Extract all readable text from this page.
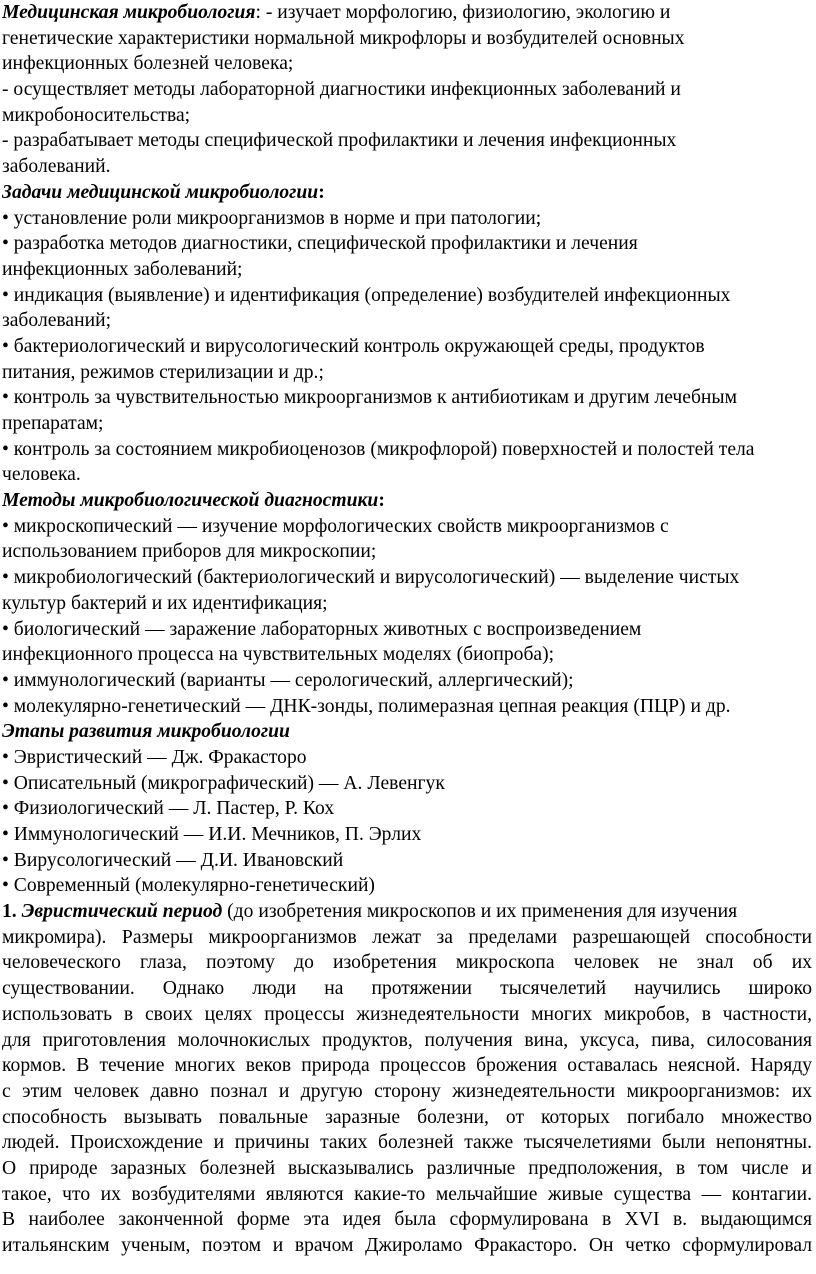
Медицинская микробиология: - изучает морфологию, физиологию, экологию и
генетические характеристики нормальной микрофлоры и возбудителей основных
инфекционных болезней человека;
- осуществляет методы лабораторной диагностики инфекционных заболеваний и
микробоносительства;
- разрабатывает методы специфической профилактики и лечения инфекционных
заболеваний.
Задачи медицинской микробиологии:
• установление роли микроорганизмов в норме и при патологии;
• разработка методов диагностики, специфической профилактики и лечения
инфекционных заболеваний;
• индикация (выявление) и идентификация (определение) возбудителей инфекционных
заболеваний;
• бактериологический и вирусологический контроль окружающей среды, продуктов
питания, режимов стерилизации и др.;
• контроль за чувствительностью микроорганизмов к антибиотикам и другим лечебным
препаратам;
• контроль за состоянием микробиоценозов (микрофлорой) поверхностей и полостей тела
человека.
Методы микробиологической диагностики:
• микроскопический — изучение морфологических свойств микроорганизмов с
использованием приборов для микроскопии;
• микробиологический (бактериологический и вирусологический) — выделение чистых
культур бактерий и их идентификация;
• биологический — заражение лабораторных животных с воспроизведением
инфекционного процесса на чувствительных моделях (биопроба);
• иммунологический (варианты — серологический, аллергический);
• молекулярно-генетический — ДНК-зонды, полимеразная цепная реакция (ПЦР) и др.
Этапы развития микробиологии
• Эвристический — Дж. Фракасторо
• Описательный (микрографический) — А. Левенгук
• Физиологический — Л. Пастер, Р. Кох
• Иммунологический — И.И. Мечников, П. Эрлих
• Вирусологический — Д.И. Ивановский
• Современный (молекулярно-генетический)
1. Эвристический период (до изобретения микроскопов и их применения для изучения
микромира). Размеры микроорганизмов лежат за пределами разрешающей способности
человеческого глаза, поэтому до изобретения микроскопа человек не знал об их
существовании. Однако люди на протяжении тысячелетий научились широко
использовать в своих целях процессы жизнедеятельности многих микробов, в частности,
для приготовления молочнокислых продуктов, получения вина, уксуса, пива, силосования
кормов. В течение многих веков природа процессов брожения оставалась неясной. Наряду
с этим человек давно познал и другую сторону жизнедеятельности микроорганизмов: их
способность вызывать повальные заразные болезни, от которых погибало множество
людей. Происхождение и причины таких болезней также тысячелетиями были непонятны.
О природе заразных болезней высказывались различные предположения, в том числе и
такое, что их возбудителями являются какие-то мельчайшие живые существа — контагии.
В наиболее законченной форме эта идея была сформулирована в XVI в. выдающимся
итальянским ученым, поэтом и врачом Джироламо Фракасторо. Он четко сформулировал
